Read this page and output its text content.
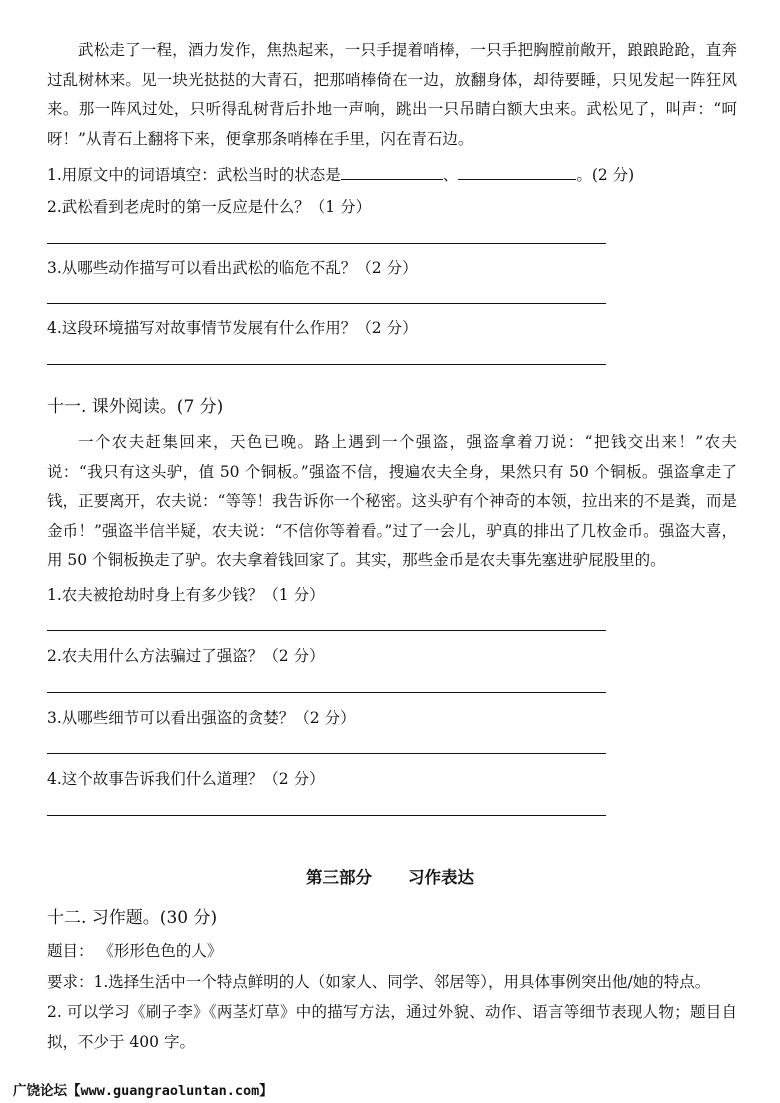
武松走了一程，酒力发作，焦热起来，一只手提着哨棒，一只手把胸膛前敞开，踉踉跄跄，直奔过乱树林来。见一块光挞挞的大青石，把那哨棒倚在一边，放翻身体，却待要睡，只见发起一阵狂风来。那一阵风过处，只听得乱树背后扑地一声响，跳出一只吊睛白额大虫来。武松见了，叫声：“呵呀！”从青石上翻将下来，便拿那条哨棒在手里，闪在青石边。

1.用原文中的词语填空：武松当时的状态是	、	。(2 分)
2.武松看到老虎时的第一反应是什么？（1 分）
3.从哪些动作描写可以看出武松的临危不乱？（2 分）
4.这段环境描写对故事情节发展有什么作用？（2 分）
十一. 课外阅读。(7 分)

一个农夫赶集回来，天色已晚。路上遇到一个强盗，强盗拿着刀说：“把钱交出来！”农夫说：“我只有这头驴，值 50 个铜板。”强盗不信，搜遍农夫全身，果然只有 50 个铜板。强盗拿走了钱，正要离开，农夫说：“等等！我告诉你一个秘密。这头驴有个神奇的本领，拉出来的不是粪，而是金币！”强盗半信半疑，农夫说：“不信你等着看。”过了一会儿，驴真的排出了几枚金币。强盗大喜，用 50 个铜板换走了驴。农夫拿着钱回家了。其实，那些金币是农夫事先塞进驴屁股里的。

1.农夫被抢劫时身上有多少钱？（1 分）
2.农夫用什么方法骗过了强盗？（2 分）
3.从哪些细节可以看出强盗的贪婪？（2 分）
4.这个故事告诉我们什么道理？（2 分）
第三部分 习作表达
十二. 习作题。(30 分)
题目： 《形形色色的人》
要求：1.选择生活中一个特点鲜明的人（如家人、同学、邻居等），用具体事例突出他/她的特点。

2. 可以学习《刷子李》《两茎灯草》中的描写方法，通过外貌、动作、语言等细节表现人物；题目自拟，不少于 400 字。

广饶论坛【www.guangraoluntan.com】
